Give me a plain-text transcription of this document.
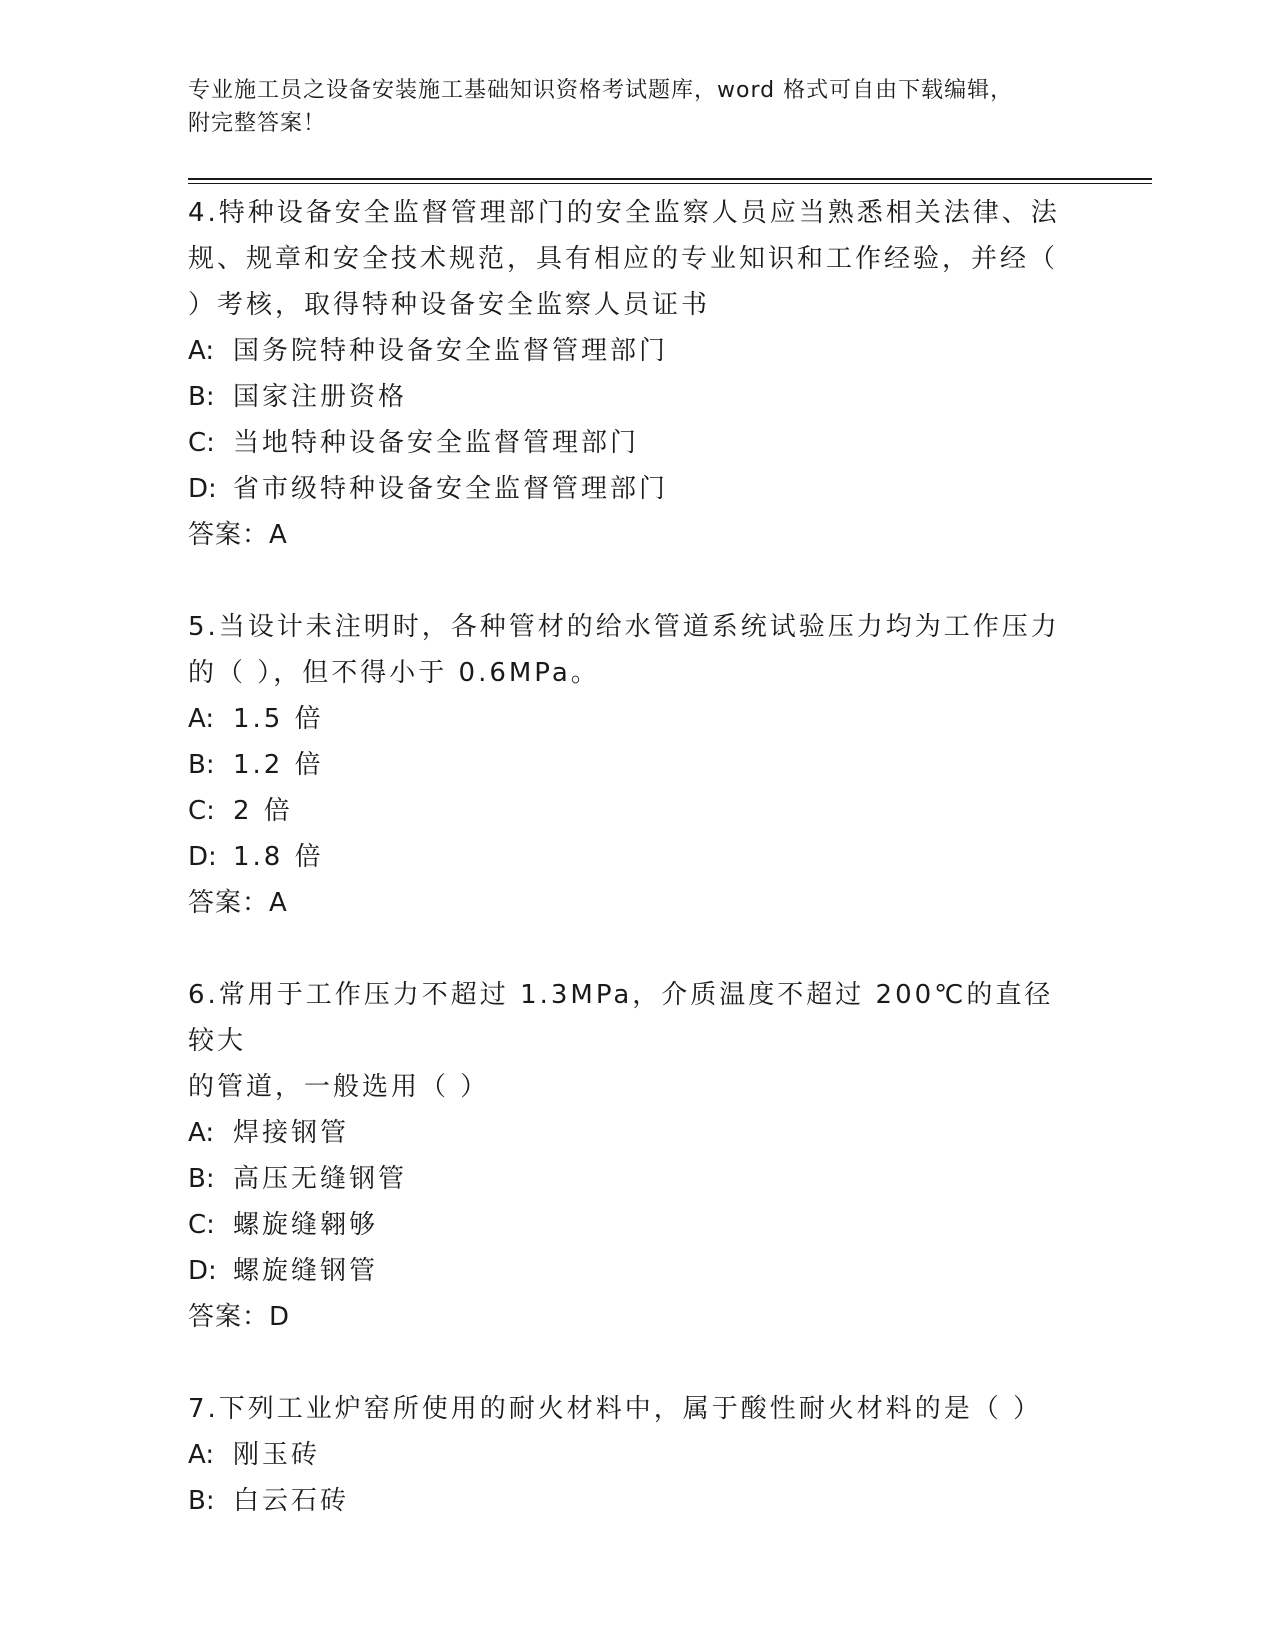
专业施工员之设备安装施工基础知识资格考试题库，word 格式可自由下载编辑，
附完整答案！

4.特种设备安全监督管理部门的安全监察人员应当熟悉相关法律、法

规、规章和安全技术规范，具有相应的专业知识和工作经验，并经（

）考核，取得特种设备安全监察人员证书

A: 国务院特种设备安全监督管理部门

B: 国家注册资格

C: 当地特种设备安全监督管理部门

D: 省市级特种设备安全监督管理部门

答案：A

5.当设计未注明时，各种管材的给水管道系统试验压力均为工作压力

的（ ），但不得小于 0.6MPa。

A: 1.5 倍

B: 1.2 倍

C: 2 倍

D: 1.8 倍

答案：A

6.常用于工作压力不超过 1.3MPa，介质温度不超过 200℃的直径较大

的管道，一般选用（ ）

A: 焊接钢管

B: 高压无缝钢管

C: 螺旋缝翱够

D: 螺旋缝钢管

答案：D

7.下列工业炉窑所使用的耐火材料中，属于酸性耐火材料的是（ ）

A: 刚玉砖

B: 白云石砖
